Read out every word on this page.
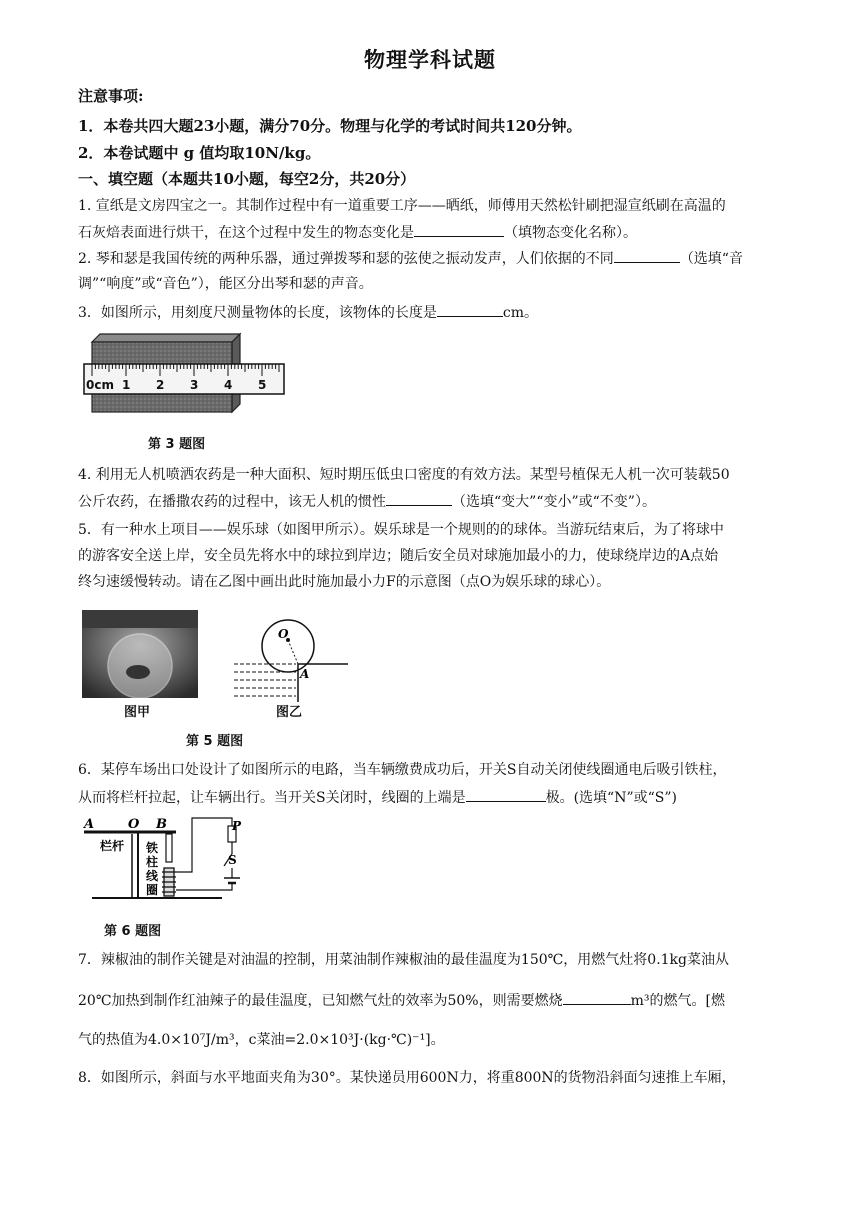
物理学科试题
注意事项:
1．本卷共四大题23小题，满分70分。物理与化学的考试时间共120分钟。
2．本卷试题中 g 值均取10N/kg。
一、填空题（本题共10小题，每空2分，共20分）
1. 宣纸是文房四宝之一。其制作过程中有一道重要工序——晒纸，师傅用天然松针刷把湿宣纸刷在高温的
石灰焙表面进行烘干，在这个过程中发生的物态变化是	（填物态变化名称）。
2. 琴和瑟是我国传统的两种乐器，通过弹拨琴和瑟的弦使之振动发声，人们依据的不同	（选填“音
调”“响度”或“音色”），能区分出琴和瑟的声音。
3．如图所示，用刻度尺测量物体的长度，该物体的长度是	cm。
0cm 1 2 3 4 5
第 3 题图
4. 利用无人机喷洒农药是一种大面积、短时期压低虫口密度的有效方法。某型号植保无人机一次可装载50
公斤农药，在播撒农药的过程中，该无人机的惯性	（选填“变大”“变小”或“不变”）。
5．有一种水上项目——娱乐球（如图甲所示）。娱乐球是一个规则的的球体。当游玩结束后，为了将球中
的游客安全送上岸，安全员先将水中的球拉到岸边；随后安全员对球施加最小的力，使球绕岸边的A点始
终匀速缓慢转动。请在乙图中画出此时施加最小力F的示意图（点O为娱乐球的球心）。
图甲
O
A
图乙
第 5 题图
6．某停车场出口处设计了如图所示的电路，当车辆缴费成功后，开关S自动关闭使线圈通电后吸引铁柱，
从而将栏杆拉起，让车辆出行。当开关S关闭时，线圈的上端是	极。(选填“N”或“S”)
A	O B
栏杆 铁
柱
线
圈
P
S
第 6 题图
7．辣椒油的制作关键是对油温的控制，用菜油制作辣椒油的最佳温度为150℃，用燃气灶将0.1kg菜油从
20℃加热到制作红油辣子的最佳温度，已知燃气灶的效率为50%，则需要燃烧	m³的燃气。[燃
气的热值为4.0×10⁷J/m³，c菜油=2.0×10³J·(kg·℃)⁻¹]。
8．如图所示，斜面与水平地面夹角为30°。某快递员用600N力，将重800N的货物沿斜面匀速推上车厢，
